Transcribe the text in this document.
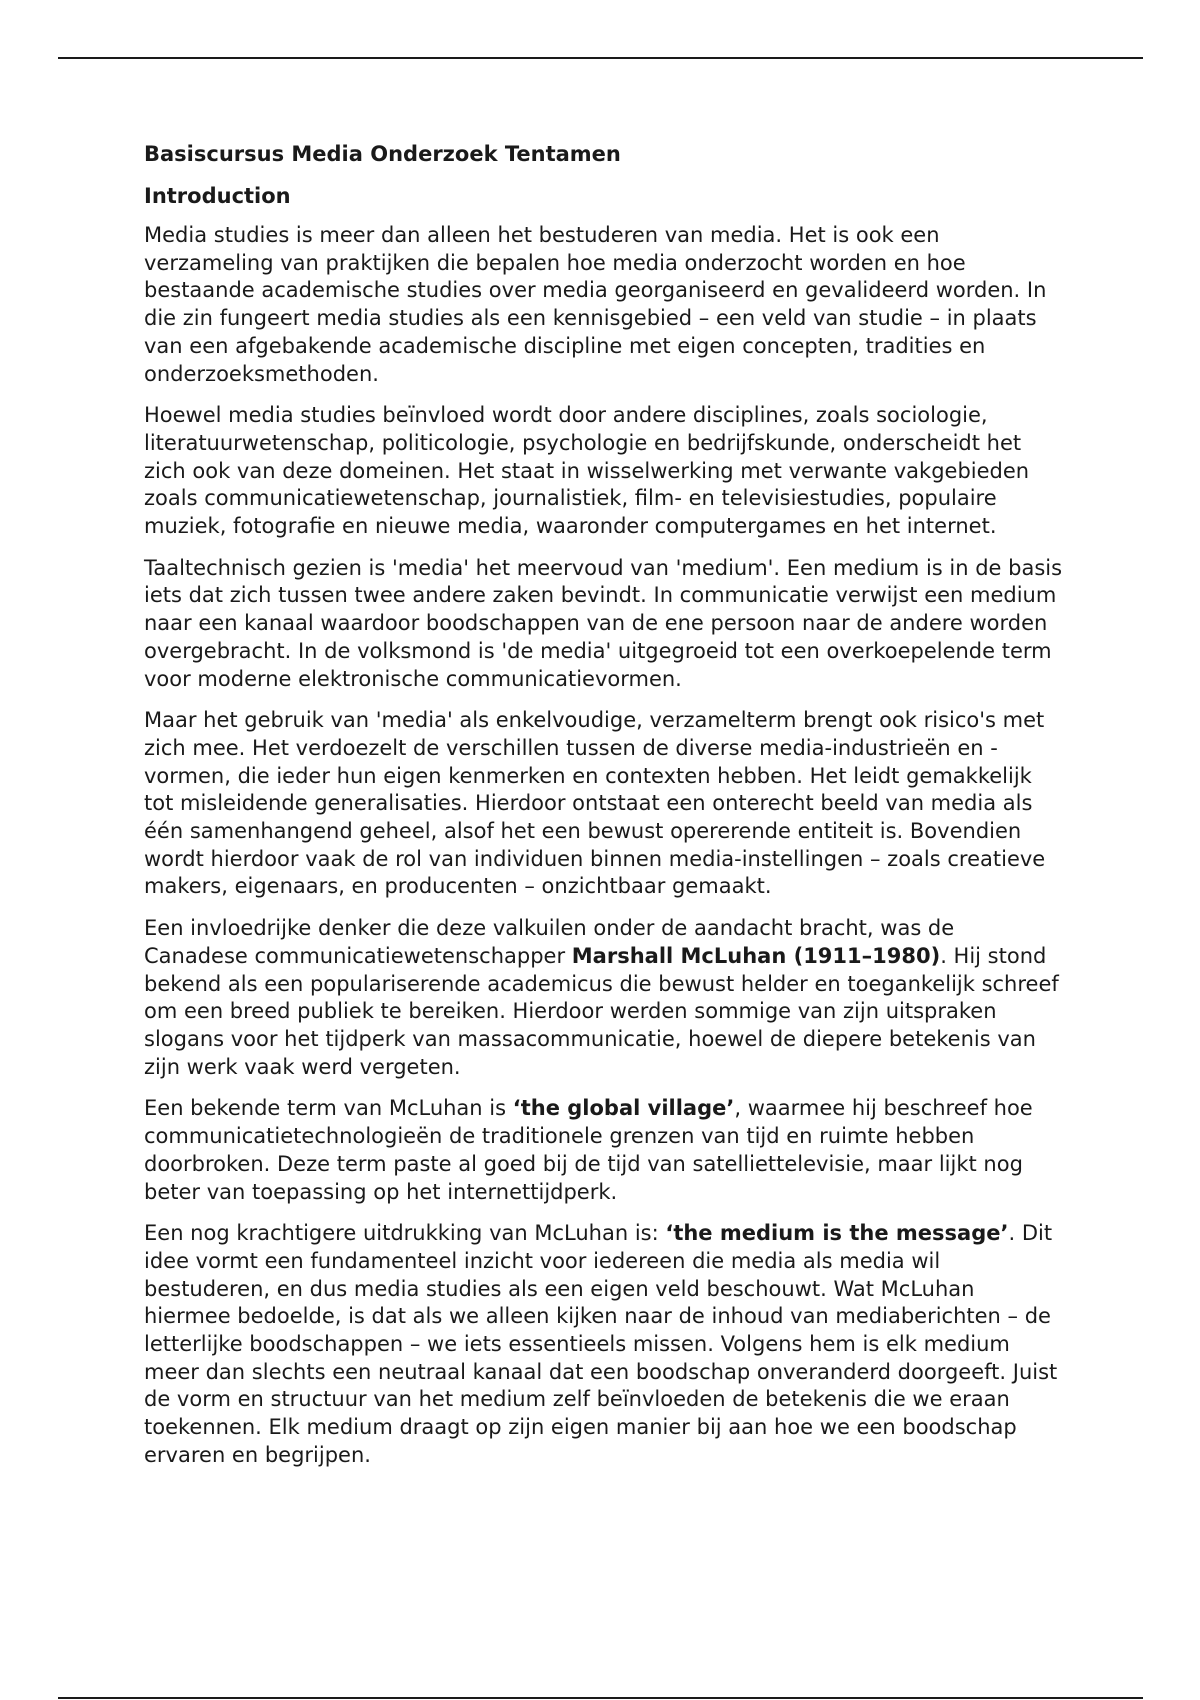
Basiscursus Media Onderzoek Tentamen
Introduction

Media studies is meer dan alleen het bestuderen van media. Het is ook een verzameling van praktijken die bepalen hoe media onderzocht worden en hoe bestaande academische studies over media georganiseerd en gevalideerd worden. In die zin fungeert media studies als een kennisgebied – een veld van studie – in plaats van een afgebakende academische discipline met eigen concepten, tradities en onderzoeksmethoden.

Hoewel media studies beïnvloed wordt door andere disciplines, zoals sociologie, literatuurwetenschap, politicologie, psychologie en bedrijfskunde, onderscheidt het zich ook van deze domeinen. Het staat in wisselwerking met verwante vakgebieden zoals communicatiewetenschap, journalistiek, film- en televisiestudies, populaire muziek, fotografie en nieuwe media, waaronder computergames en het internet.

Taaltechnisch gezien is 'media' het meervoud van 'medium'. Een medium is in de basis iets dat zich tussen twee andere zaken bevindt. In communicatie verwijst een medium naar een kanaal waardoor boodschappen van de ene persoon naar de andere worden overgebracht. In de volksmond is 'de media' uitgegroeid tot een overkoepelende term voor moderne elektronische communicatievormen.

Maar het gebruik van 'media' als enkelvoudige, verzamelterm brengt ook risico's met zich mee. Het verdoezelt de verschillen tussen de diverse media-industrieën en -vormen, die ieder hun eigen kenmerken en contexten hebben. Het leidt gemakkelijk tot misleidende generalisaties. Hierdoor ontstaat een onterecht beeld van media als één samenhangend geheel, alsof het een bewust opererende entiteit is. Bovendien wordt hierdoor vaak de rol van individuen binnen media-instellingen – zoals creatieve makers, eigenaars, en producenten – onzichtbaar gemaakt.

Een invloedrijke denker die deze valkuilen onder de aandacht bracht, was de Canadese communicatiewetenschapper Marshall McLuhan (1911–1980). Hij stond bekend als een populariserende academicus die bewust helder en toegankelijk schreef om een breed publiek te bereiken. Hierdoor werden sommige van zijn uitspraken slogans voor het tijdperk van massacommunicatie, hoewel de diepere betekenis van zijn werk vaak werd vergeten.

Een bekende term van McLuhan is ‘the global village’, waarmee hij beschreef hoe communicatietechnologieën de traditionele grenzen van tijd en ruimte hebben doorbroken. Deze term paste al goed bij de tijd van satelliettelevisie, maar lijkt nog beter van toepassing op het internettijdperk.

Een nog krachtigere uitdrukking van McLuhan is: ‘the medium is the message’. Dit idee vormt een fundamenteel inzicht voor iedereen die media als media wil bestuderen, en dus media studies als een eigen veld beschouwt. Wat McLuhan hiermee bedoelde, is dat als we alleen kijken naar de inhoud van mediaberichten – de letterlijke boodschappen – we iets essentieels missen. Volgens hem is elk medium meer dan slechts een neutraal kanaal dat een boodschap onveranderd doorgeeft. Juist de vorm en structuur van het medium zelf beïnvloeden de betekenis die we eraan toekennen. Elk medium draagt op zijn eigen manier bij aan hoe we een boodschap ervaren en begrijpen.
